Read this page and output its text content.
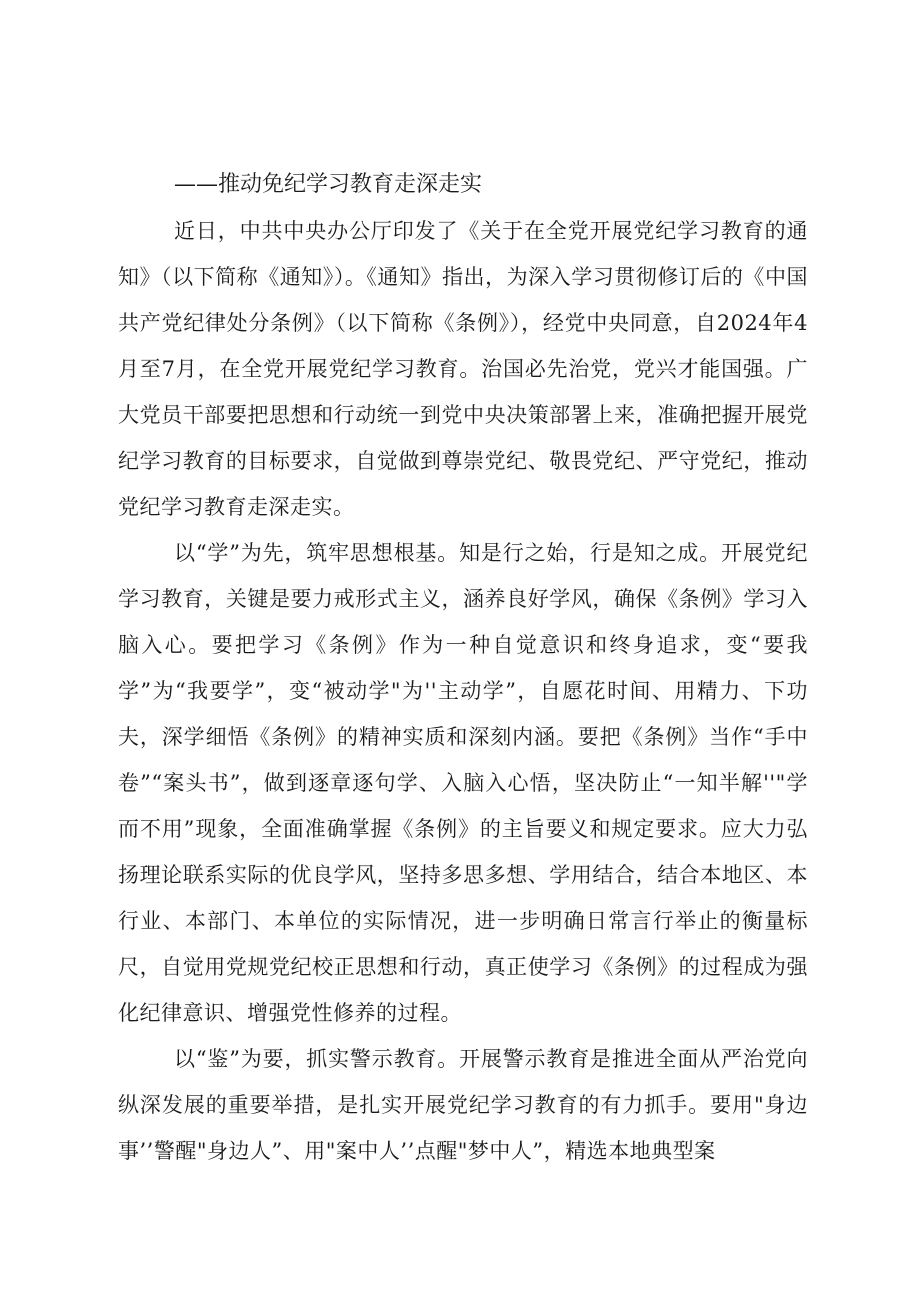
——推动免纪学习教育走深走实

近日，中共中央办公厅印发了《关于在全党开展党纪学习教育的通知》（以下简称《通知》）。《通知》指出，为深入学习贯彻修订后的《中国共产党纪律处分条例》（以下简称《条例》），经党中央同意，自2024年4月至7月，在全党开展党纪学习教育。治国必先治党，党兴才能国强。广大党员干部要把思想和行动统一到党中央决策部署上来，准确把握开展党纪学习教育的目标要求，自觉做到尊崇党纪、敬畏党纪、严守党纪，推动党纪学习教育走深走实。

以“学”为先，筑牢思想根基。知是行之始，行是知之成。开展党纪学习教育，关键是要力戒形式主义，涵养良好学风，确保《条例》学习入脑入心。要把学习《条例》作为一种自觉意识和终身追求，变“要我学”为“我要学”，变“被动学"为''主动学”，自愿花时间、用精力、下功夫，深学细悟《条例》的精神实质和深刻内涵。要把《条例》当作“手中卷”“案头书”，做到逐章逐句学、入脑入心悟，坚决防止“一知半解''"学而不用”现象，全面准确掌握《条例》的主旨要义和规定要求。应大力弘扬理论联系实际的优良学风，坚持多思多想、学用结合，结合本地区、本行业、本部门、本单位的实际情况，进一步明确日常言行举止的衡量标尺，自觉用党规党纪校正思想和行动，真正使学习《条例》的过程成为强化纪律意识、增强党性修养的过程。

以“鉴”为要，抓实警示教育。开展警示教育是推进全面从严治党向纵深发展的重要举措，是扎实开展党纪学习教育的有力抓手。要用"身边事’’警醒"身边人”、用"案中人’’点醒"梦中人”，精选本地典型案
